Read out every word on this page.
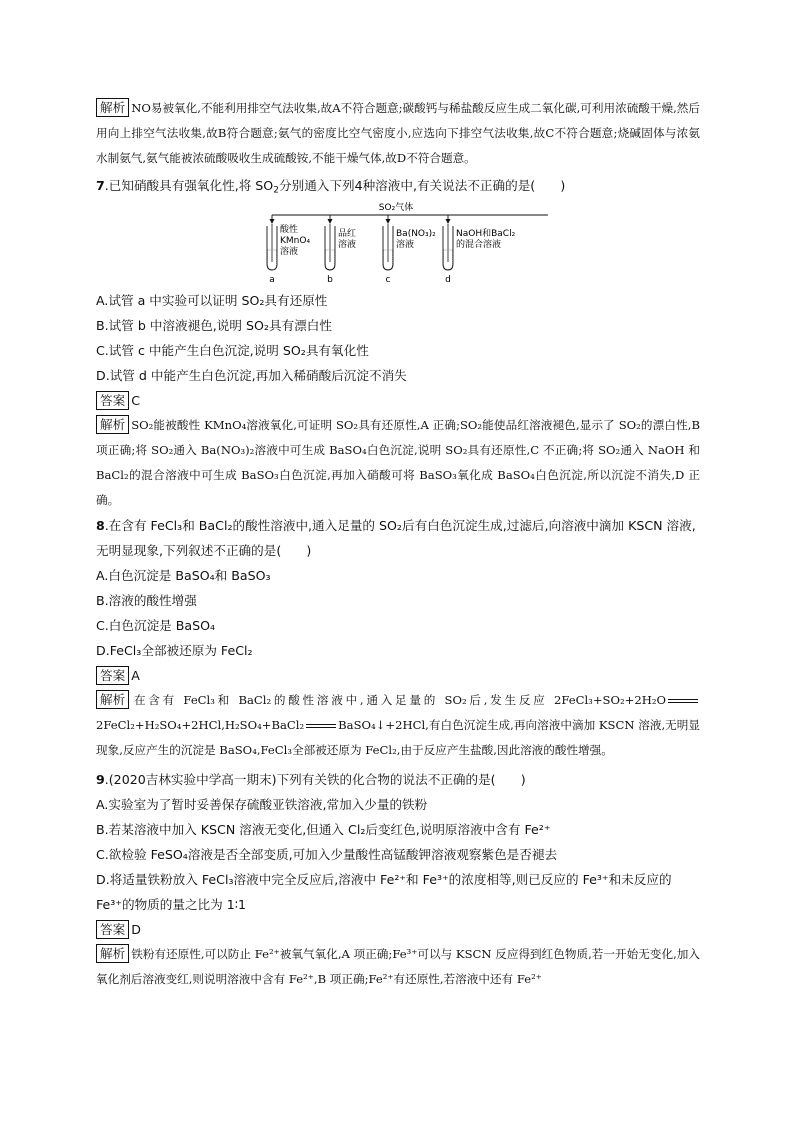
解析 NO易被氧化,不能利用排空气法收集,故A不符合题意;碳酸钙与稀盐酸反应生成二氧化碳,可利用浓硫酸干燥,然后用向上排空气法收集,故B符合题意;氨气的密度比空气密度小,应选向下排空气法收集,故C不符合题意;烧碱固体与浓氨水制氨气,氨气能被浓硫酸吸收生成硫酸铵,不能干燥气体,故D不符合题意。

7.已知硝酸具有强氧化性,将 $SO_2$分别通入下列4种溶液中,有关说法不正确的是(　　)

SO₂气体
酸性
KMnO₄
溶液
a
品红
溶液
b
Ba(NO₃)₂
溶液
c
NaOH和BaCl₂
的混合溶液
d

A.试管 a 中实验可以证明 SO₂具有还原性

B.试管 b 中溶液褪色,说明 SO₂具有漂白性

C.试管 c 中能产生白色沉淀,说明 SO₂具有氧化性

D.试管 d 中能产生白色沉淀,再加入稀硝酸后沉淀不消失

答案 C

解析 SO₂能被酸性 KMnO₄溶液氧化,可证明 SO₂具有还原性,A 正确;SO₂能使品红溶液褪色,显示了 SO₂的漂白性,B 项正确;将 SO₂通入 Ba(NO₃)₂溶液中可生成 BaSO₄白色沉淀,说明 SO₂具有还原性,C 不正确;将 SO₂通入 NaOH 和 BaCl₂的混合溶液中可生成 BaSO₃白色沉淀,再加入硝酸可将 BaSO₃氧化成 BaSO₄白色沉淀,所以沉淀不消失,D 正确。

8.在含有 FeCl₃和 BaCl₂的酸性溶液中,通入足量的 SO₂后有白色沉淀生成,过滤后,向溶液中滴加 KSCN 溶液,无明显现象,下列叙述不正确的是(　　)

A.白色沉淀是 BaSO₄和 BaSO₃

B.溶液的酸性增强

C.白色沉淀是 BaSO₄

D.FeCl₃全部被还原为 FeCl₂

答案 A

解析 在含有 FeCl₃和 BaCl₂的酸性溶液中,通入足量的 SO₂后,发生反应 2FeCl₃+SO₂+2H₂O2FeCl₂+H₂SO₄+2HCl,H₂SO₄+BaCl₂	BaSO₄↓+2HCl,有白色沉淀生成,再向溶液中滴加 KSCN 溶液,无明显现象,反应产生的沉淀是 BaSO₄,FeCl₃全部被还原为 FeCl₂,由于反应产生盐酸,因此溶液的酸性增强。

9.(2020吉林实验中学高一期末)下列有关铁的化合物的说法不正确的是(　　)

A.实验室为了暂时妥善保存硫酸亚铁溶液,常加入少量的铁粉

B.若某溶液中加入 KSCN 溶液无变化,但通入 Cl₂后变红色,说明原溶液中含有 Fe²⁺

C.欲检验 FeSO₄溶液是否全部变质,可加入少量酸性高锰酸钾溶液观察紫色是否褪去

D.将适量铁粉放入 FeCl₃溶液中完全反应后,溶液中 Fe²⁺和 Fe³⁺的浓度相等,则已反应的 Fe³⁺和未反应的 Fe³⁺的物质的量之比为 1∶1

答案 D

解析 铁粉有还原性,可以防止 Fe²⁺被氧气氧化,A 项正确;Fe³⁺可以与 KSCN 反应得到红色物质,若一开始无变化,加入氧化剂后溶液变红,则说明溶液中含有 Fe²⁺,B 项正确;Fe²⁺有还原性,若溶液中还有 Fe²⁺
